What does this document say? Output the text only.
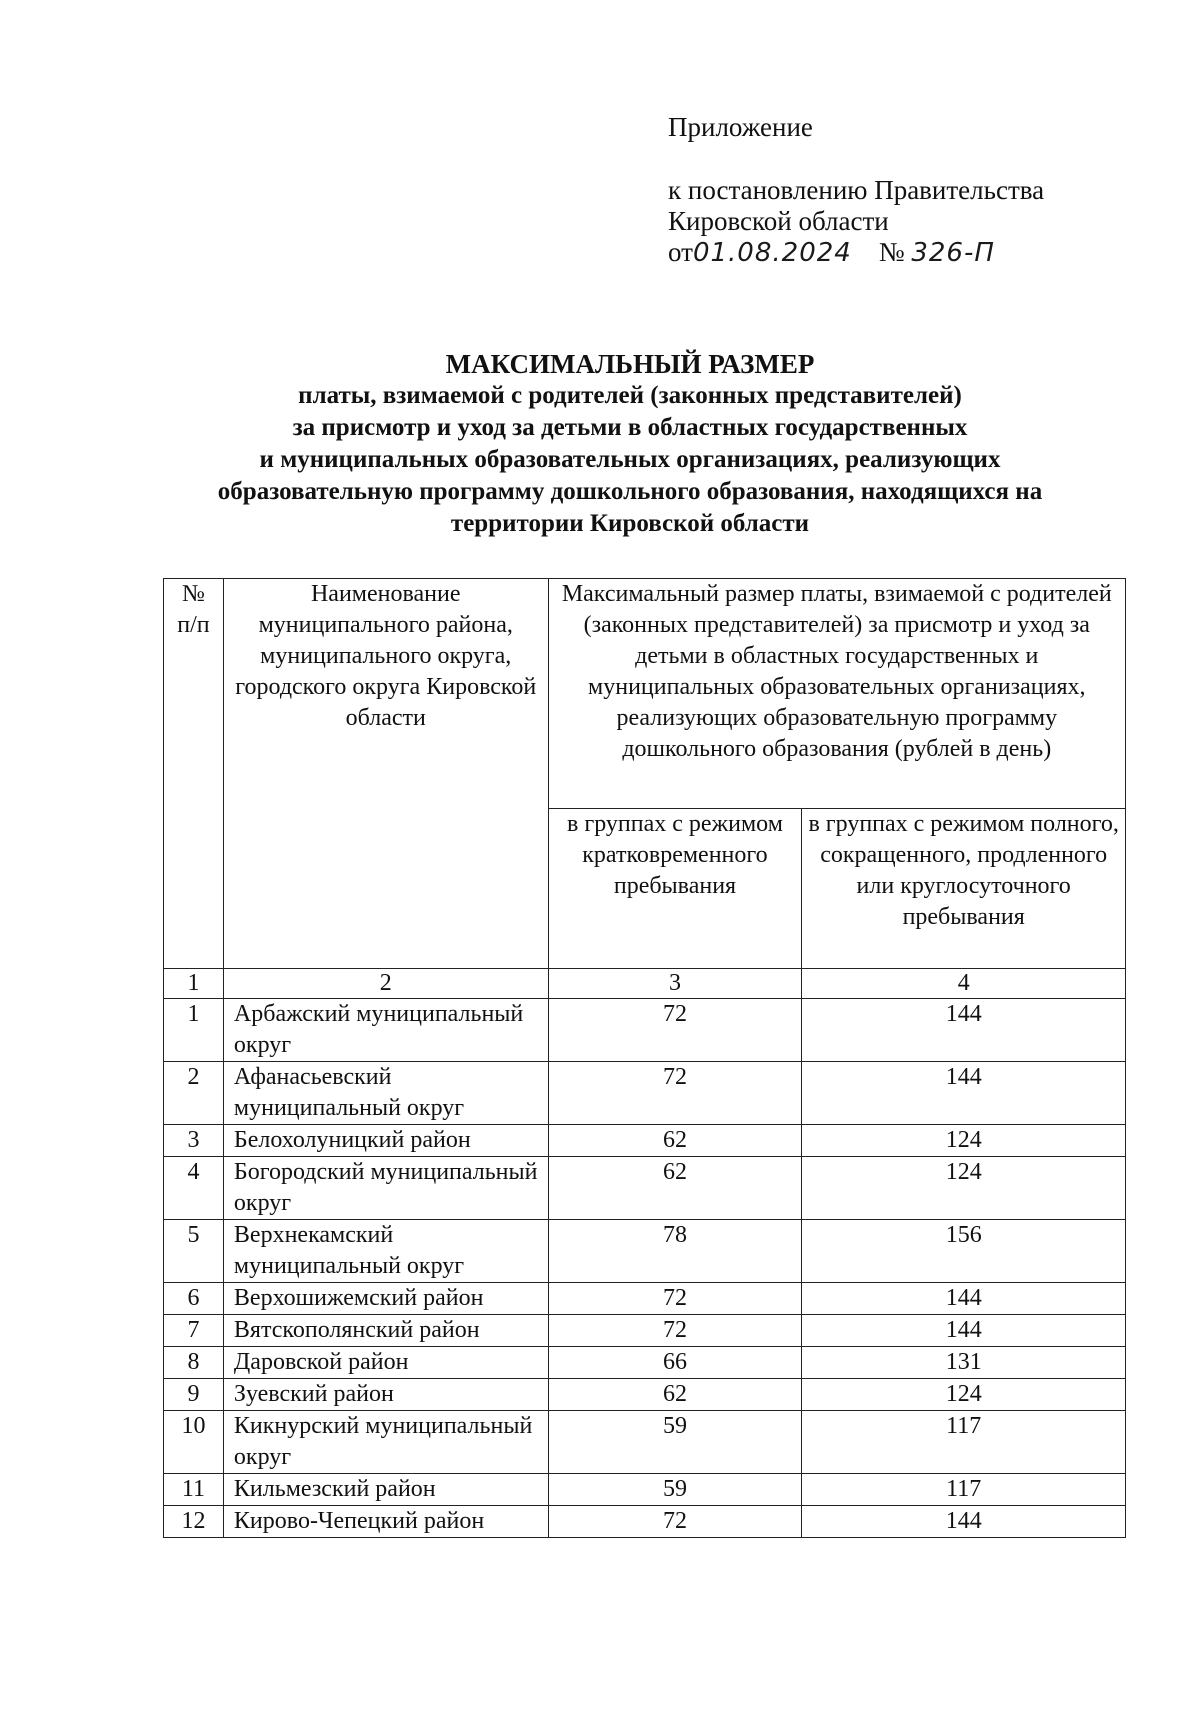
Приложение
к постановлению Правительства
Кировской области
от01.08.2024 № 326-П
МАКСИМАЛЬНЫЙ РАЗМЕР
платы, взимаемой с родителей (законных представителей)
за присмотр и уход за детьми в областных государственных
и муниципальных образовательных организациях, реализующих
образовательную программу дошкольного образования, находящихся на
территории Кировской области
№ п/п	Наименование муниципального района, муниципального округа, городского округа Кировской области	Максимальный размер платы, взимаемой с родителей (законных представителей) за присмотр и уход за детьми в областных государственных и муниципальных образовательных организациях, реализующих образовательную программу дошкольного образования (рублей в день)	
		в группах с режимом кратковременного пребывания	в группах с режимом полного, сокращенного, продленного или круглосуточного пребывания
1	2	3	4
1	Арбажский муниципальный округ	72	144
2	Афанасьевский муниципальный округ	72	144
3	Белохолуницкий район	62	124
4	Богородский муниципальный округ	62	124
5	Верхнекамский муниципальный округ	78	156
6	Верхошижемский район	72	144
7	Вятскополянский район	72	144
8	Даровской район	66	131
9	Зуевский район	62	124
10	Кикнурский муниципальный округ	59	117
11	Кильмезский район	59	117
12	Кирово-Чепецкий район	72	144
